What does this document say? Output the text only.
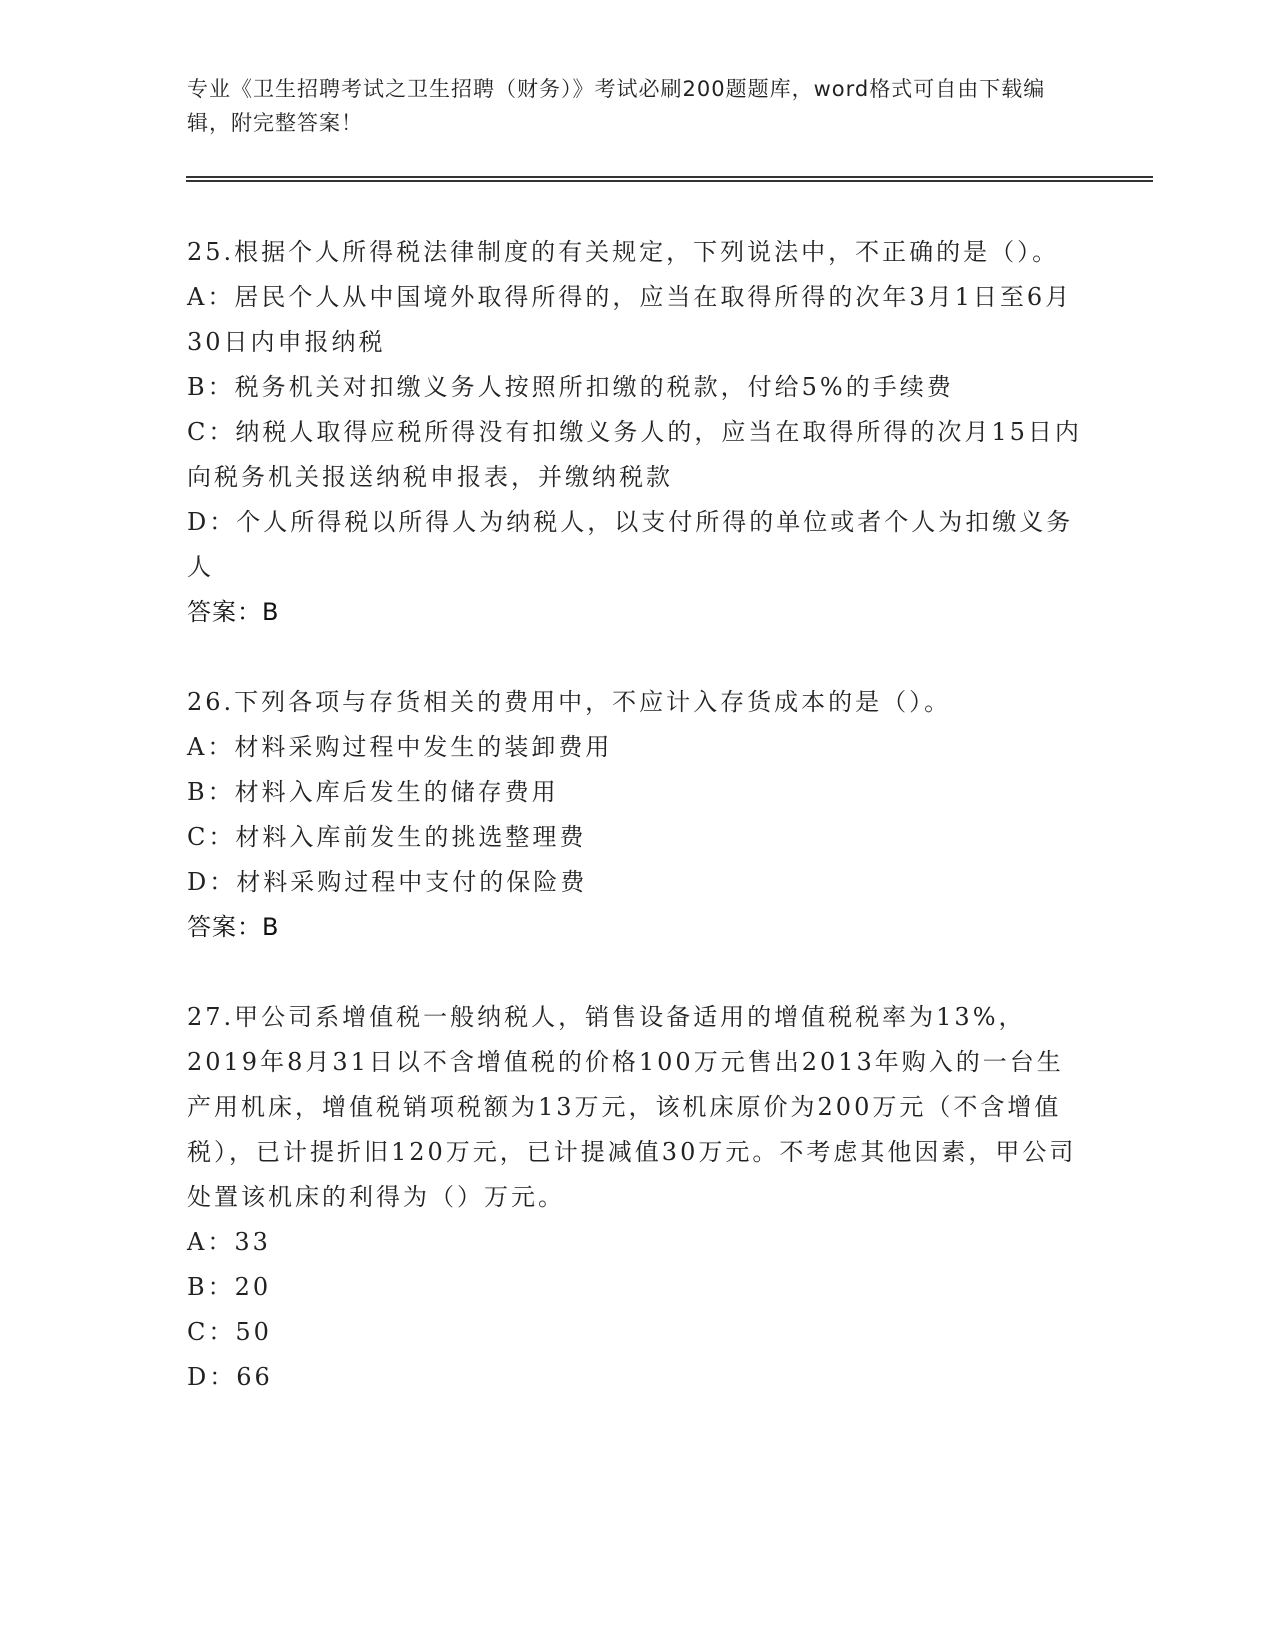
专业《卫生招聘考试之卫生招聘（财务）》考试必刷200题题库，word格式可自由下载编辑，附完整答案！
25.根据个人所得税法律制度的有关规定，下列说法中，不正确的是（）。
A：居民个人从中国境外取得所得的，应当在取得所得的次年3月1日至6月30日内申报纳税
B：税务机关对扣缴义务人按照所扣缴的税款，付给5%的手续费
C：纳税人取得应税所得没有扣缴义务人的，应当在取得所得的次月15日内向税务机关报送纳税申报表，并缴纳税款
D：个人所得税以所得人为纳税人，以支付所得的单位或者个人为扣缴义务人
答案：B
26.下列各项与存货相关的费用中，不应计入存货成本的是（）。
A：材料采购过程中发生的装卸费用
B：材料入库后发生的储存费用
C：材料入库前发生的挑选整理费
D：材料采购过程中支付的保险费
答案：B
27.甲公司系增值税一般纳税人，销售设备适用的增值税税率为13%，2019年8月31日以不含增值税的价格100万元售出2013年购入的一台生产用机床，增值税销项税额为13万元，该机床原价为200万元（不含增值税），已计提折旧120万元，已计提减值30万元。不考虑其他因素，甲公司处置该机床的利得为（）万元。
A：33
B：20
C：50
D：66
